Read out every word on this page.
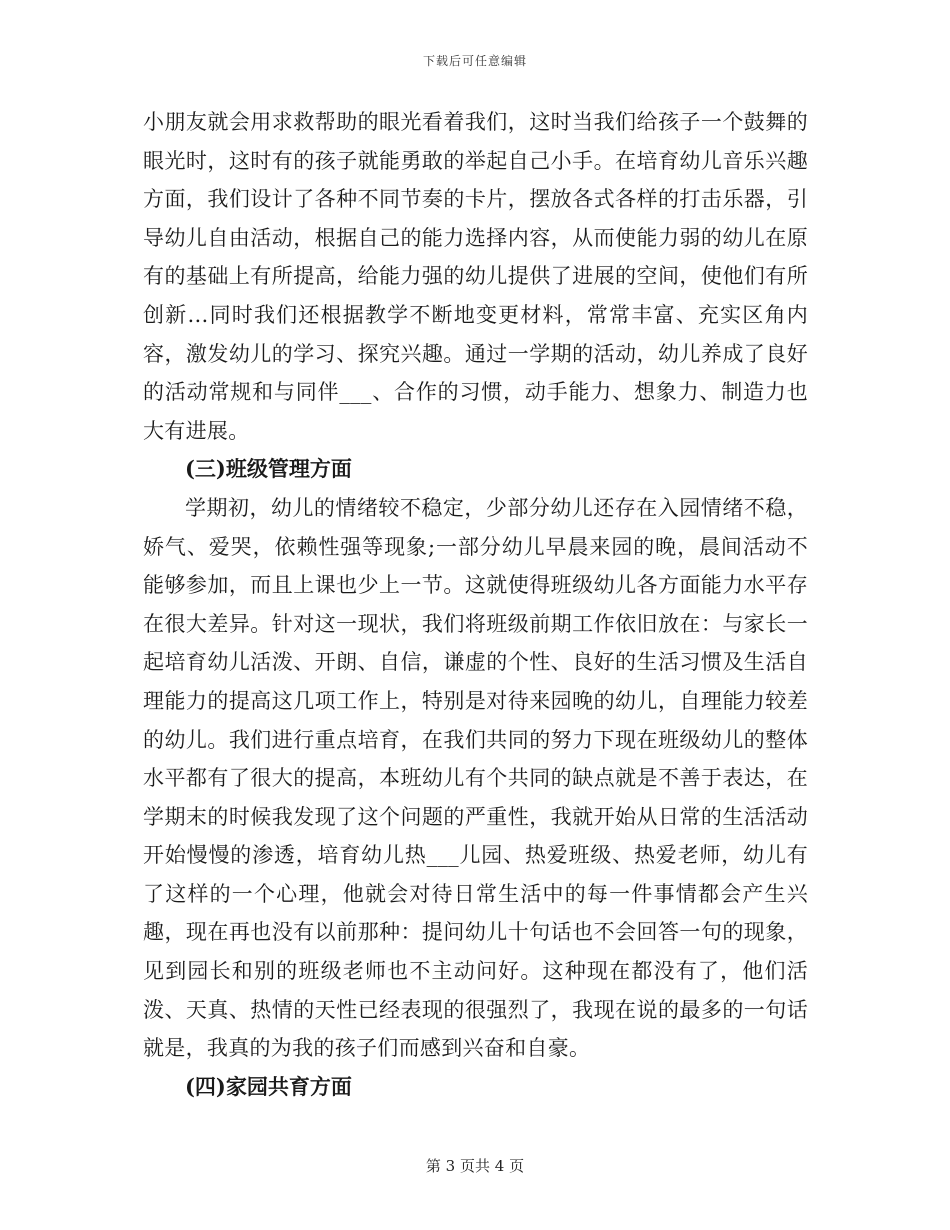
下载后可任意编辑

小朋友就会用求救帮助的眼光看着我们，这时当我们给孩子一个鼓舞的眼光时，这时有的孩子就能勇敢的举起自己小手。在培育幼儿音乐兴趣方面，我们设计了各种不同节奏的卡片，摆放各式各样的打击乐器，引导幼儿自由活动，根据自己的能力选择内容，从而使能力弱的幼儿在原有的基础上有所提高，给能力强的幼儿提供了进展的空间，使他们有所创新…同时我们还根据教学不断地变更材料，常常丰富、充实区角内容，激发幼儿的学习、探究兴趣。通过一学期的活动，幼儿养成了良好的活动常规和与同伴___、合作的习惯，动手能力、想象力、制造力也大有进展。

(三)班级管理方面

学期初，幼儿的情绪较不稳定，少部分幼儿还存在入园情绪不稳，娇气、爱哭，依赖性强等现象;一部分幼儿早晨来园的晚，晨间活动不能够参加，而且上课也少上一节。这就使得班级幼儿各方面能力水平存在很大差异。针对这一现状，我们将班级前期工作依旧放在：与家长一起培育幼儿活泼、开朗、自信，谦虚的个性、良好的生活习惯及生活自理能力的提高这几项工作上，特别是对待来园晚的幼儿，自理能力较差的幼儿。我们进行重点培育，在我们共同的努力下现在班级幼儿的整体水平都有了很大的提高，本班幼儿有个共同的缺点就是不善于表达，在学期末的时候我发现了这个问题的严重性，我就开始从日常的生活活动开始慢慢的渗透，培育幼儿热___儿园、热爱班级、热爱老师，幼儿有了这样的一个心理，他就会对待日常生活中的每一件事情都会产生兴趣，现在再也没有以前那种：提问幼儿十句话也不会回答一句的现象，见到园长和别的班级老师也不主动问好。这种现在都没有了，他们活泼、天真、热情的天性已经表现的很强烈了，我现在说的最多的一句话就是，我真的为我的孩子们而感到兴奋和自豪。

(四)家园共育方面

第 3 页共 4 页
